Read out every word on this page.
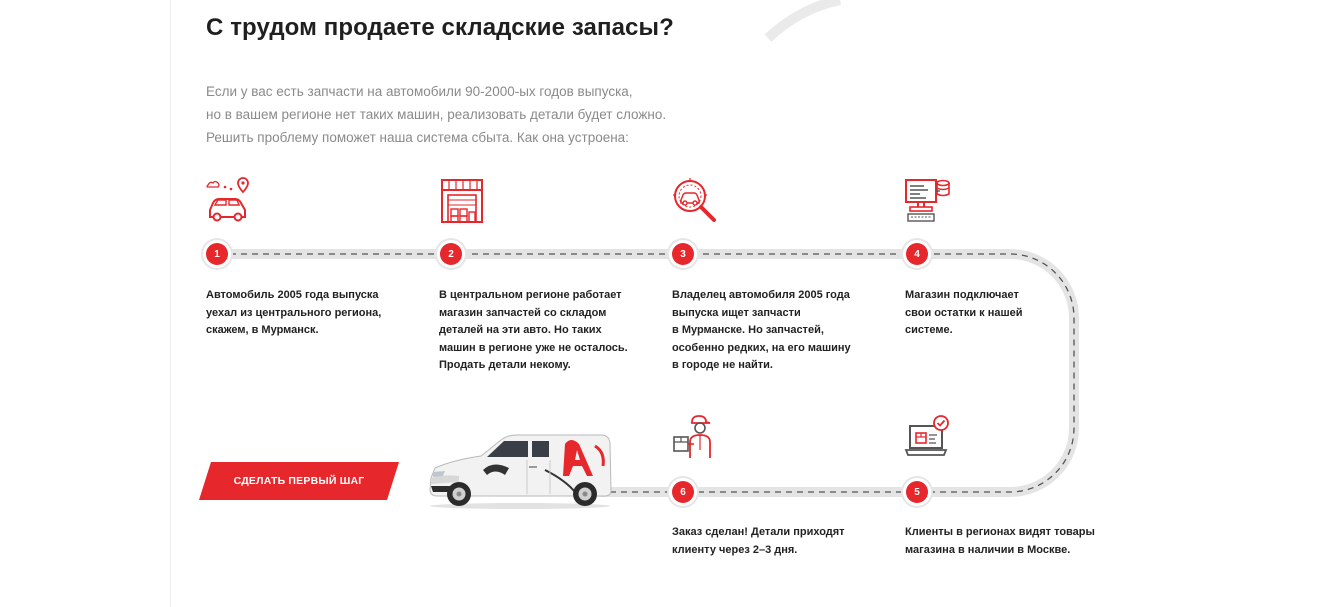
С трудом продаете складские запасы?
Если у вас есть запчасти на автомобили 90-2000-ых годов выпуска,
но в вашем регионе нет таких машин, реализовать детали будет сложно.
Решить проблему поможет наша система сбыта. Как она устроена:
1	2	3	4
5
6
Автомобиль 2005 года выпуска
уехал из центрального региона,
скажем, в Мурманск.
В центральном регионе работает
магазин запчастей со складом
деталей на эти авто. Но таких
машин в регионе уже не осталось.
Продать детали некому.
Владелец автомобиля 2005 года
выпуска ищет запчасти
в Мурманске. Но запчастей,
особенно редких, на его машину
в городе не найти.
Магазин подключает
свои остатки к нашей
системе.
Клиенты в регионах видят товары
магазина в наличии в Москве.
Заказ сделан! Детали приходят
клиенту через 2–3 дня.
СДЕЛАТЬ ПЕРВЫЙ ШАГ
